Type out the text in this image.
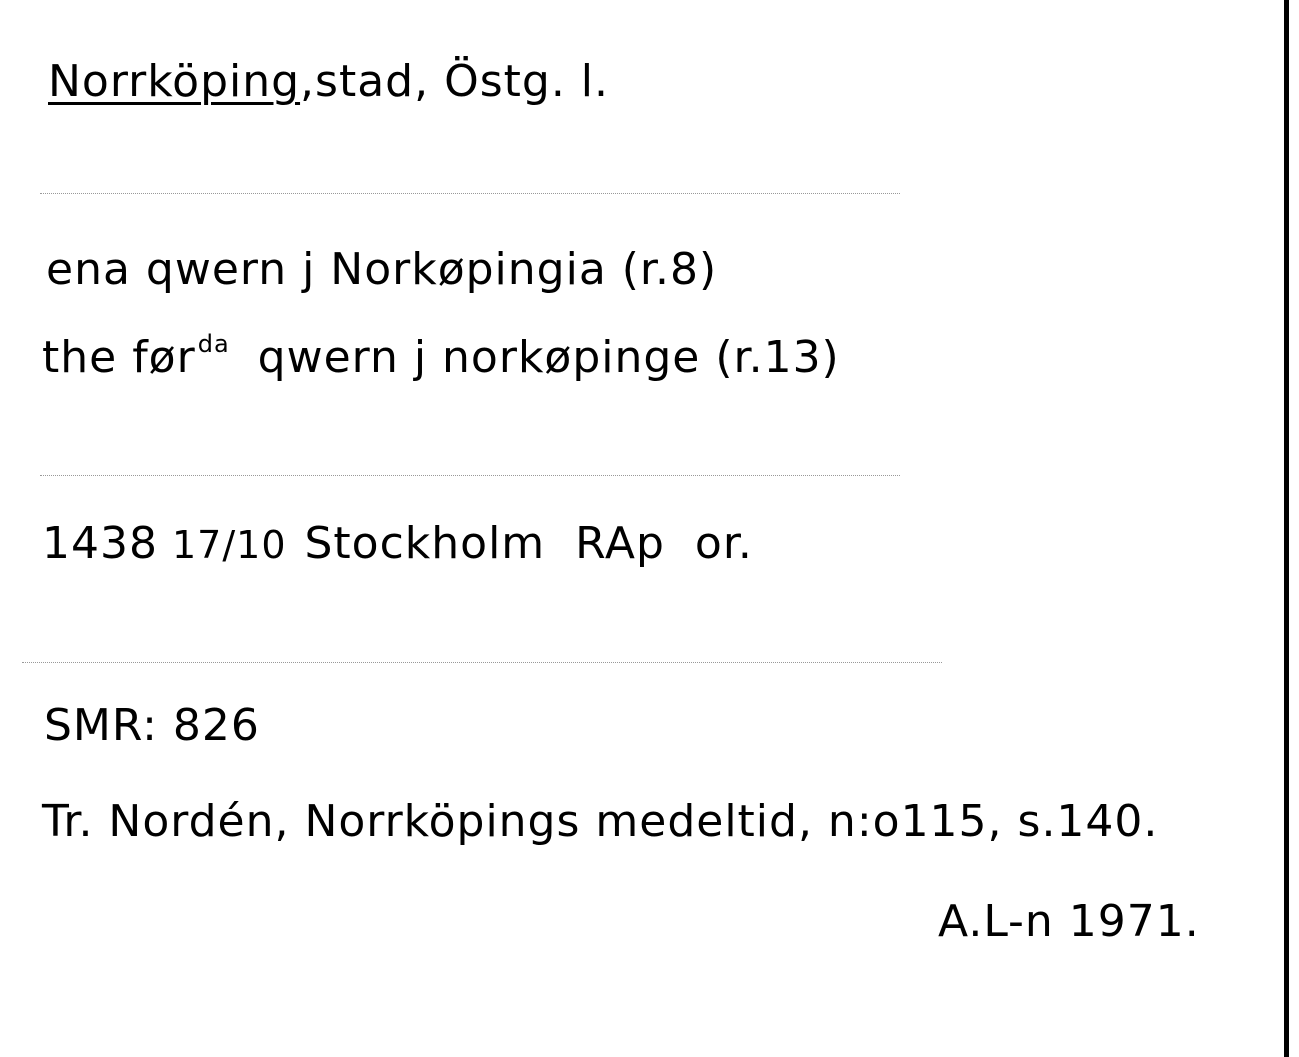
Norrköping,stad, Östg. l.
ena qwern j Norkøpingia (r.8)
the før$^{da}$ qwern j norkøpinge (r.13)
1438 17/10 Stockholm  RAp  or.
SMR: 826
Tr. Nordén, Norrköpings medeltid, n:o115, s.140.
A.L-n 1971.
